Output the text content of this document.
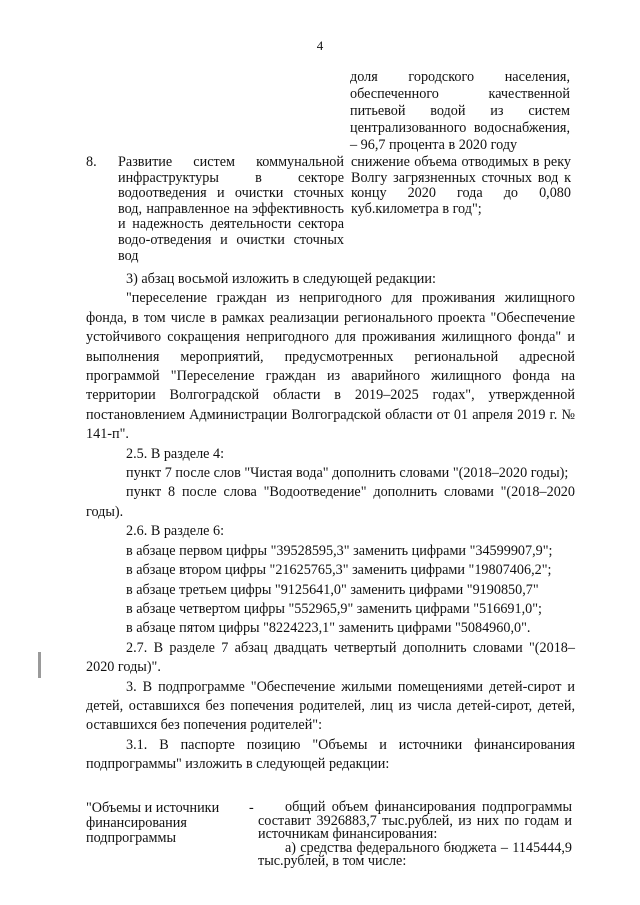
4
доля городского населения, обеспеченного качественной питьевой водой из систем централизованного водоснабжения, – 96,7 процента в 2020 году
8. Развитие систем коммунальной инфраструктуры в секторе водоотведения и очистки сточных вод, направленное на эффективность и надежность деятельности сектора водо-отведения и очистки сточных вод
снижение объема отводимых в реку Волгу загрязненных сточных вод к концу 2020 года до 0,080 куб.километра в год";

3) абзац восьмой изложить в следующей редакции:

"переселение граждан из непригодного для проживания жилищного фонда, в том числе в рамках реализации регионального проекта "Обеспечение устойчивого сокращения непригодного для проживания жилищного фонда" и выполнения мероприятий, предусмотренных региональной адресной программой "Переселение граждан из аварийного жилищного фонда на территории Волгоградской области в 2019–2025 годах", утвержденной постановлением Администрации Волгоградской области от 01 апреля 2019 г. № 141-п".

2.5. В разделе 4:

пункт 7 после слов "Чистая вода" дополнить словами "(2018–2020 годы);

пункт 8 после слова "Водоотведение" дополнить словами "(2018–2020 годы).

2.6. В разделе 6:

в абзаце первом цифры "39528595,3" заменить цифрами "34599907,9";

в абзаце втором цифры "21625765,3" заменить цифрами "19807406,2";

в абзаце третьем цифры "9125641,0" заменить цифрами "9190850,7"

в абзаце четвертом цифры "552965,9" заменить цифрами "516691,0";

в абзаце пятом цифры "8224223,1" заменить цифрами "5084960,0".

2.7. В разделе 7 абзац двадцать четвертый дополнить словами "(2018–2020 годы)".

3. В подпрограмме "Обеспечение жилыми помещениями детей-сирот и детей, оставшихся без попечения родителей, лиц из числа детей-сирот, детей, оставшихся без попечения родителей":

3.1. В паспорте позицию "Объемы и источники финансирования подпрограммы" изложить в следующей редакции:

"Объемы и источники финансирования подпрограммы
-	общий объем финансирования подпрограммы составит 3926883,7 тыс.рублей, из них по годам и источникам финансирования:

а) средства федерального бюджета – 1145444,9 тыс.рублей, в том числе:
